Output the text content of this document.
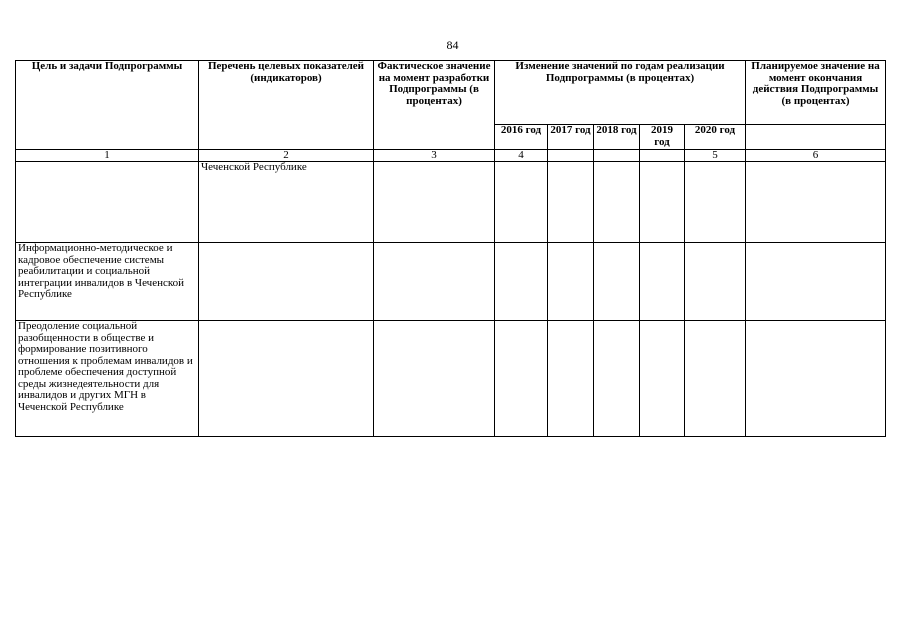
84
Цель и задачи Подпрограммы	Перечень целевых показателей (индикаторов)	Фактическое значение на момент разработки Подпрограммы (в процентах)	Изменение значений по годам реализации Подпрограммы (в процентах)					Планируемое значение на момент окончания действия Подпрограммы (в процентах)
			2016 год	2017 год	2018 год	2019 год	2020 год	
1	2	3	4				5	6
	Чеченской Республике							
Информационно-методическое и кадровое обеспечение системы реабилитации и социальной интеграции инвалидов в Чеченской Республике								
Преодоление социальной разобщенности в обществе и формирование позитивного отношения к проблемам инвалидов и проблеме обеспечения доступной среды жизнедеятельности для инвалидов и других МГН в Чеченской Республике								
